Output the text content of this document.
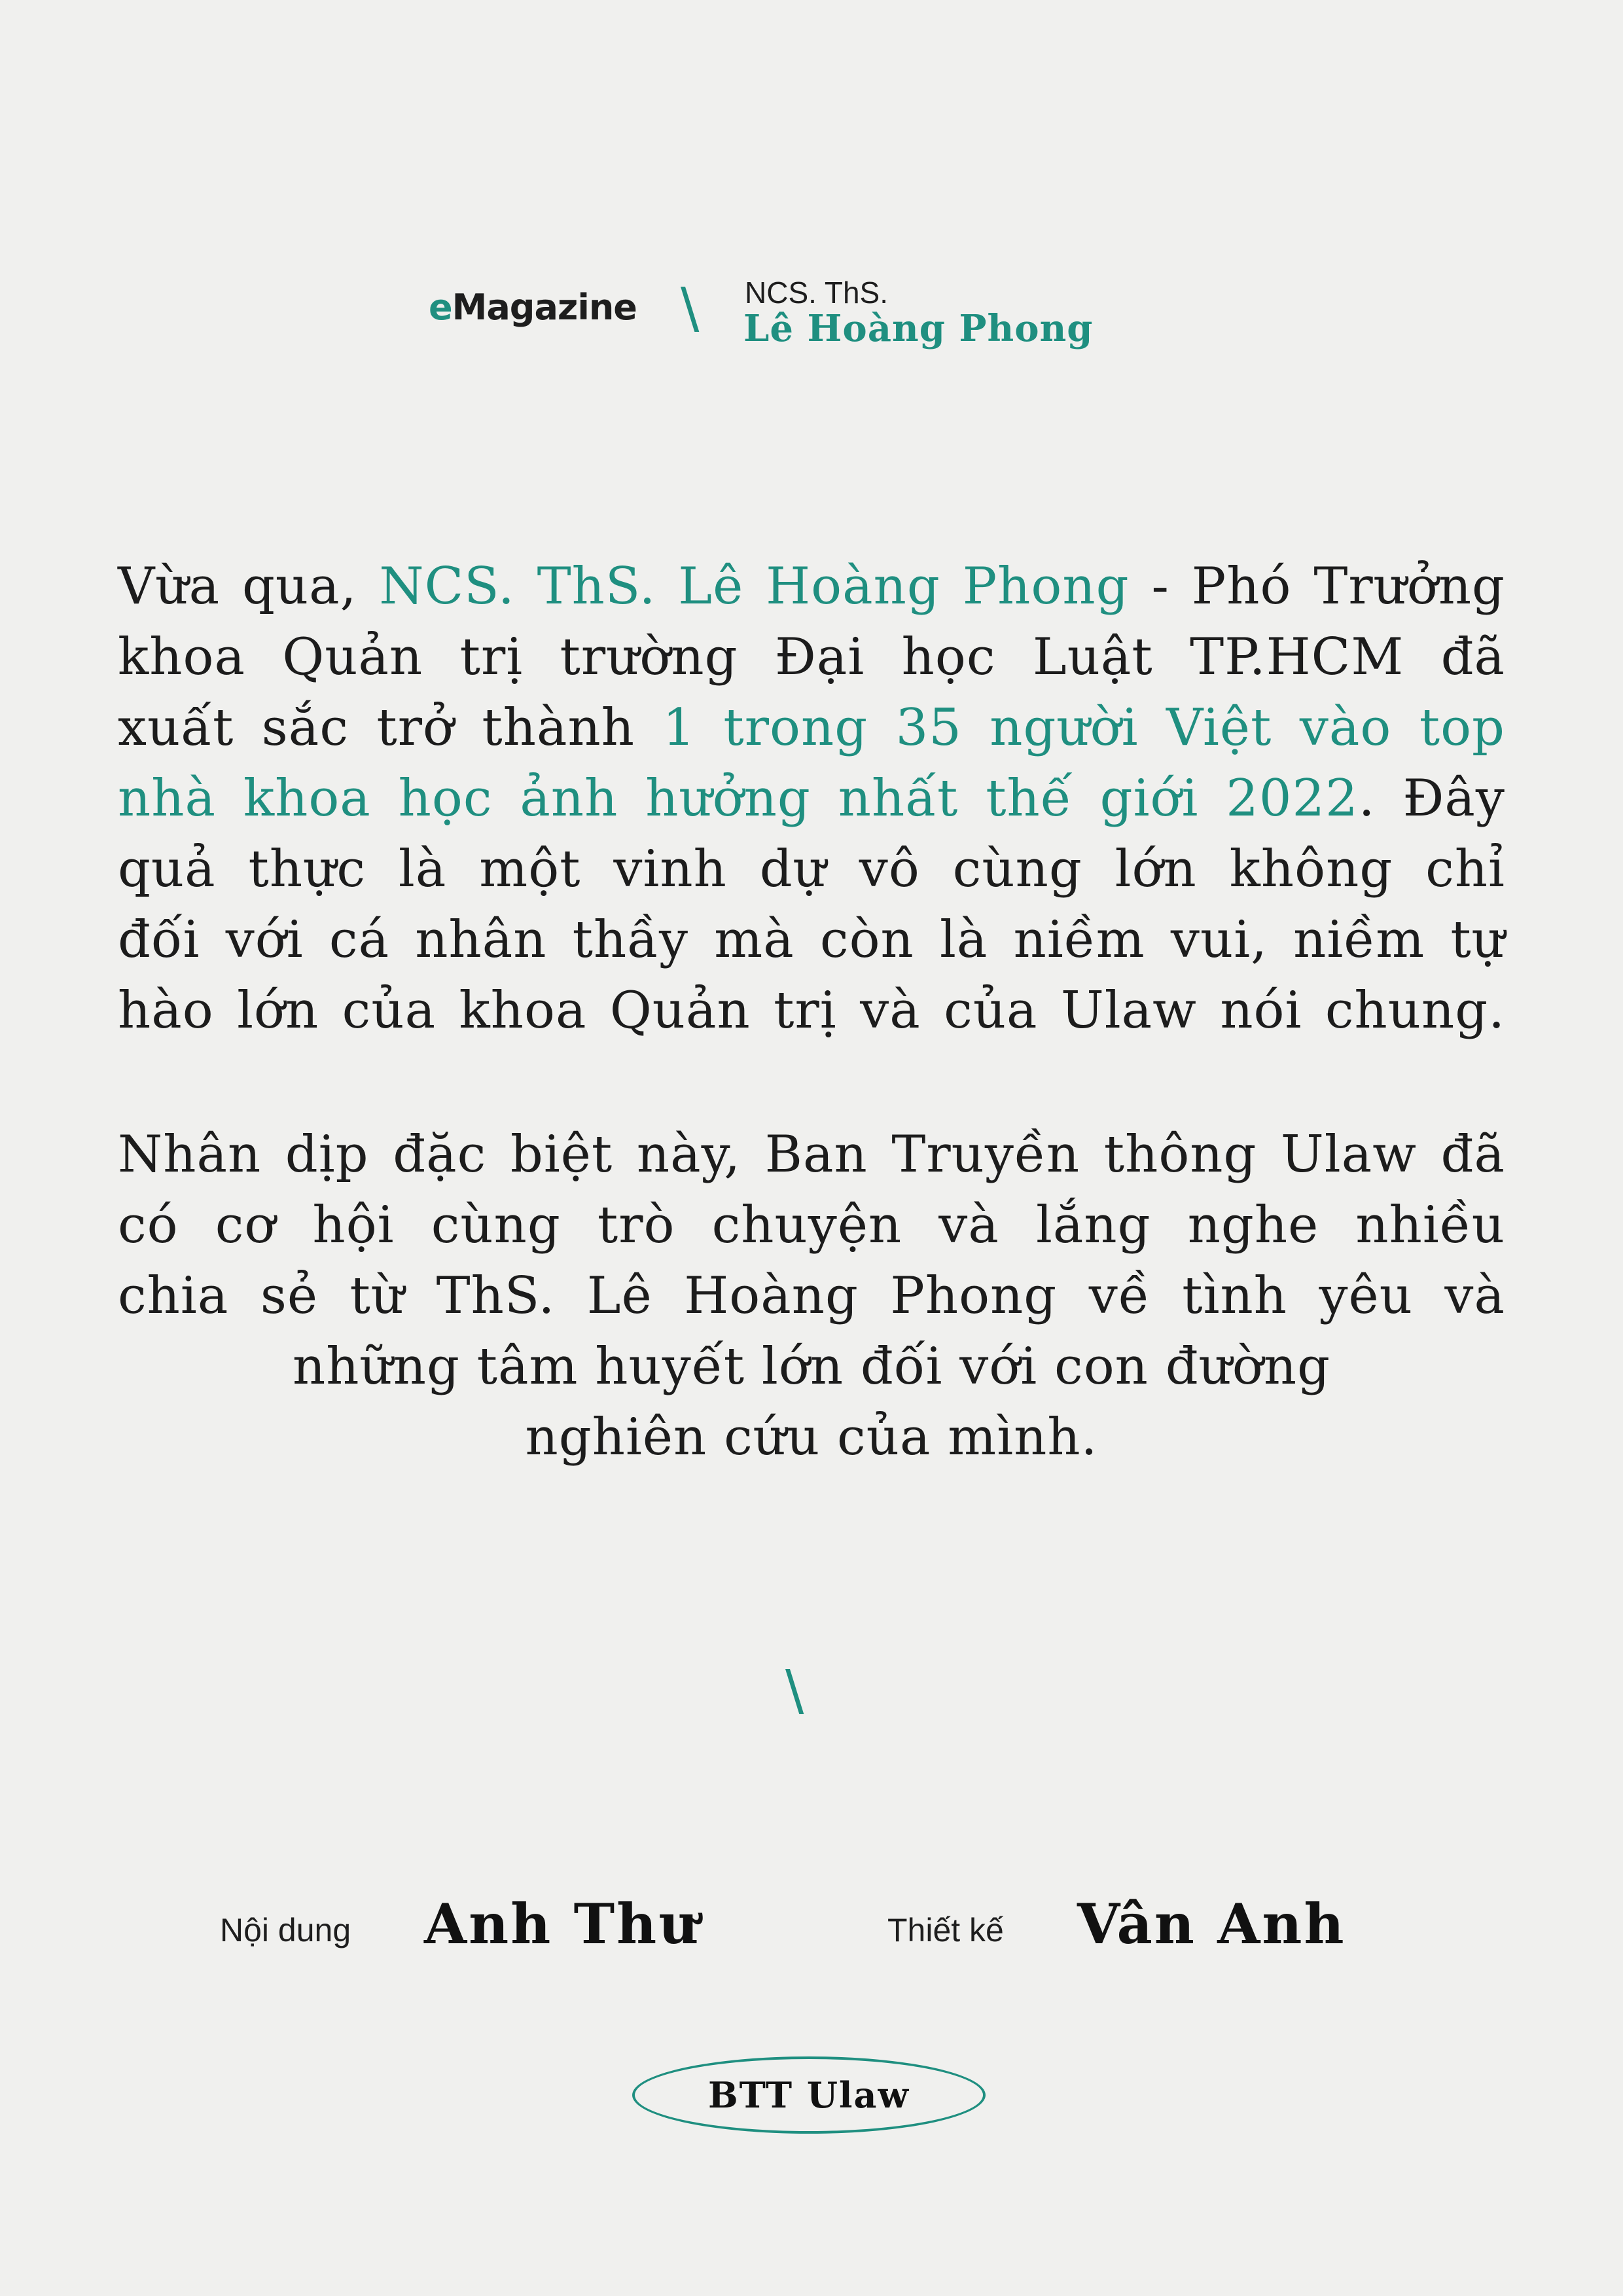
eMagazine \ NCS. ThS.
Lê Hoàng Phong
Vừa qua, NCS. ThS. Lê Hoàng Phong - Phó Trưởng
khoa Quản trị trường Đại học Luật TP.HCM đã
xuất sắc trở thành 1 trong 35 người Việt vào top
nhà khoa học ảnh hưởng nhất thế giới 2022. Đây
quả thực là một vinh dự vô cùng lớn không chỉ
đối với cá nhân thầy mà còn là niềm vui, niềm tự
hào lớn của khoa Quản trị và của Ulaw nói chung.
Nhân dịp đặc biệt này, Ban Truyền thông Ulaw đã
có cơ hội cùng trò chuyện và lắng nghe nhiều
chia sẻ từ ThS. Lê Hoàng Phong về tình yêu và
những tâm huyết lớn đối với con đường
nghiên cứu của mình.
\
Nội dung Anh Thư	Thiết kế Vân Anh
BTT Ulaw
